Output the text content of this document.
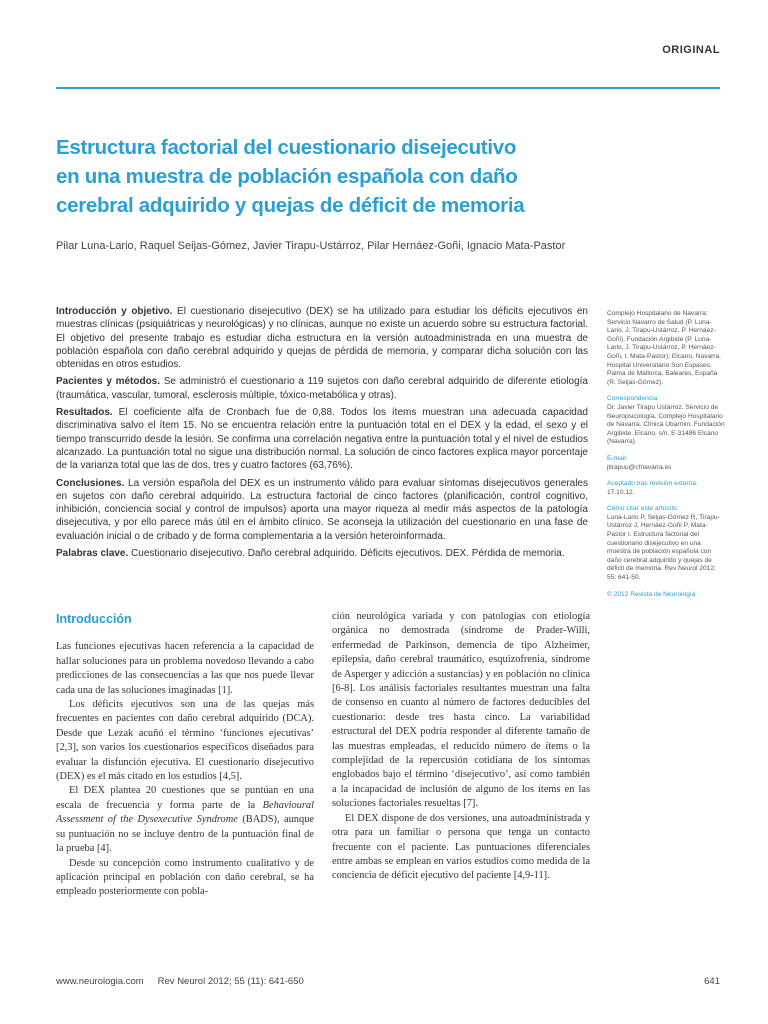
ORIGINAL
Estructura factorial del cuestionario disejecutivo
en una muestra de población española con daño
cerebral adquirido y quejas de déficit de memoria
Pilar Luna-Lario, Raquel Seijas-Gómez, Javier Tirapu-Ustárroz, Pilar Hernáez-Goñi, Ignacio Mata-Pastor

Introducción y objetivo. El cuestionario disejecutivo (DEX) se ha utilizado para estudiar los déficits ejecutivos en muestras clínicas (psiquiátricas y neurológicas) y no clínicas, aunque no existe un acuerdo sobre su estructura factorial. El objetivo del presente trabajo es estudiar dicha estructura en la versión autoadministrada en una muestra de población española con daño cerebral adquirido y quejas de pérdida de memoria, y comparar dicha solución con las obtenidas en otros estudios.

Pacientes y métodos. Se administró el cuestionario a 119 sujetos con daño cerebral adquirido de diferente etiología (traumática, vascular, tumoral, esclerosis múltiple, tóxico-metabólica y otras).

Resultados. El coeficiente alfa de Cronbach fue de 0,88. Todos los ítems muestran una adecuada capacidad discriminativa salvo el ítem 15. No se encuentra relación entre la puntuación total en el DEX y la edad, el sexo y el tiempo transcurrido desde la lesión. Se confirma una correlación negativa entre la puntuación total y el nivel de estudios alcanzado. La puntuación total no sigue una distribución normal. La solución de cinco factores explica mayor porcentaje de la varianza total que las de dos, tres y cuatro factores (63,76%).

Conclusiones. La versión española del DEX es un instrumento válido para evaluar síntomas disejecutivos generales en sujetos con daño cerebral adquirido. La estructura factorial de cinco factores (planificación, control cognitivo, inhibición, conciencia social y control de impulsos) aporta una mayor riqueza al medir más aspectos de la patología disejecutiva, y por ello parece más útil en el ámbito clínico. Se aconseja la utilización del cuestionario en una fase de evaluación inicial o de cribado y de forma complementaria a la versión heteroinformada.

Palabras clave. Cuestionario disejecutivo. Daño cerebral adquirido. Déficits ejecutivos. DEX. Pérdida de memoria.

Complejo Hospitalario de Navarra; Servicio Navarro de Salud (P. Luna-Lario, J. Tirapu-Ustárroz, P. Hernáez-Goñi). Fundación Argibide (P. Luna-Lario, J. Tirapu-Ustárroz, P. Hernáez-Goñi, I. Mata-Pastor); Elcano, Navarra. Hospital Universitario Son Espases; Palma de Mallorca, Baleares, España (R. Seijas-Gómez).
Correspondencia:
Dr. Javier Tirapu Ustárroz. Servicio de Neuropsicología. Complejo Hospitalario de Navarra. Clínica Ubarmin. Fundación Argibide. Elcano, s/n. E-31486 Elcano (Navarra).
E-mail:
jtirapuu@cfnavarra.es
Aceptado tras revisión externa:
17.10.12.
Cómo citar este artículo:
Luna-Lario P, Seijas-Gómez R, Tirapu-Ustárroz J, Hernáez-Goñi P, Mata-Pastor I. Estructura factorial del cuestionario disejecutivo en una muestra de población española con daño cerebral adquirido y quejas de déficit de memoria. Rev Neurol 2012; 55: 641-50.
© 2012 Revista de Neurología
Introducción

Las funciones ejecutivas hacen referencia a la capacidad de hallar soluciones para un problema novedoso llevando a cabo predicciones de las consecuencias a las que nos puede llevar cada una de las soluciones imaginadas [1].

Los déficits ejecutivos son una de las quejas más frecuentes en pacientes con daño cerebral adquirido (DCA). Desde que Lezak acuñó el término ‘funciones ejecutivas’ [2,3], son varios los cuestionarios específicos diseñados para evaluar la disfunción ejecutiva. El cuestionario disejecutivo (DEX) es el más citado en los estudios [4,5].

El DEX plantea 20 cuestiones que se puntúan en una escala de frecuencia y forma parte de la Behavioural Assessment of the Dysexecutive Syndrome (BADS), aunque su puntuación no se incluye dentro de la puntuación final de la prueba [4].

Desde su concepción como instrumento cualitativo y de aplicación principal en población con daño cerebral, se ha empleado posteriormente con pobla-

ción neurológica variada y con patologías con etiología orgánica no demostrada (síndrome de Prader-Willi, enfermedad de Parkinson, demencia de tipo Alzheimer, epilepsia, daño cerebral traumático, esquizofrenia, síndrome de Asperger y adicción a sustancias) y en población no clínica [6-8]. Los análisis factoriales resultantes muestran una falta de consenso en cuanto al número de factores deducibles del cuestionario: desde tres hasta cinco. La variabilidad estructural del DEX podría responder al diferente tamaño de las muestras empleadas, el reducido número de ítems o la complejidad de la repercusión cotidiana de los síntomas englobados bajo el término ‘disejecutivo’, así como también a la incapacidad de inclusión de alguno de los ítems en las soluciones factoriales resueltas [7].

El DEX dispone de dos versiones, una autoadministrada y otra para un familiar o persona que tenga un contacto frecuente con el paciente. Las puntuaciones diferenciales entre ambas se emplean en varios estudios como medida de la conciencia de déficit ejecutivo del paciente [4,9-11].

www.neurologia.com Rev Neurol 2012; 55 (11): 641-650	641
